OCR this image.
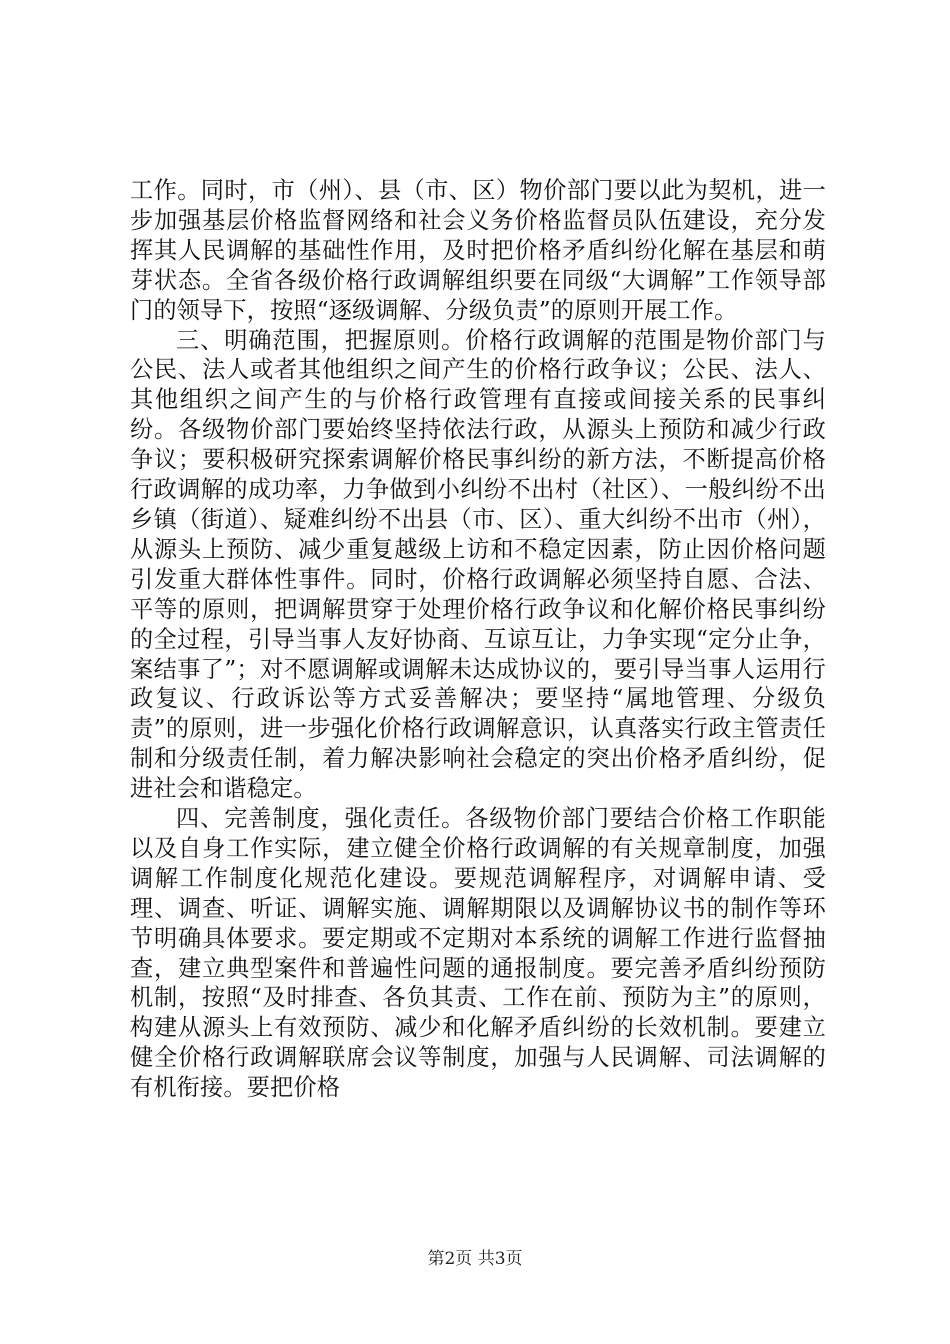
工作。同时，市（州）、县（市、区）物价部门要以此为契机，进一步加强基层价格监督网络和社会义务价格监督员队伍建设，充分发挥其人民调解的基础性作用，及时把价格矛盾纠纷化解在基层和萌芽状态。全省各级价格行政调解组织要在同级“大调解”工作领导部门的领导下，按照“逐级调解、分级负责”的原则开展工作。

三、明确范围，把握原则。价格行政调解的范围是物价部门与公民、法人或者其他组织之间产生的价格行政争议；公民、法人、其他组织之间产生的与价格行政管理有直接或间接关系的民事纠纷。各级物价部门要始终坚持依法行政，从源头上预防和减少行政争议；要积极研究探索调解价格民事纠纷的新方法，不断提高价格行政调解的成功率，力争做到小纠纷不出村（社区）、一般纠纷不出乡镇（街道）、疑难纠纷不出县（市、区）、重大纠纷不出市（州），从源头上预防、减少重复越级上访和不稳定因素，防止因价格问题引发重大群体性事件。同时，价格行政调解必须坚持自愿、合法、平等的原则，把调解贯穿于处理价格行政争议和化解价格民事纠纷的全过程，引导当事人友好协商、互谅互让，力争实现“定分止争，案结事了”；对不愿调解或调解未达成协议的，要引导当事人运用行政复议、行政诉讼等方式妥善解决；要坚持“属地管理、分级负责”的原则，进一步强化价格行政调解意识，认真落实行政主管责任制和分级责任制，着力解决影响社会稳定的突出价格矛盾纠纷，促进社会和谐稳定。

四、完善制度，强化责任。各级物价部门要结合价格工作职能以及自身工作实际，建立健全价格行政调解的有关规章制度，加强调解工作制度化规范化建设。要规范调解程序，对调解申请、受理、调查、听证、调解实施、调解期限以及调解协议书的制作等环节明确具体要求。要定期或不定期对本系统的调解工作进行监督抽查，建立典型案件和普遍性问题的通报制度。要完善矛盾纠纷预防机制，按照“及时排查、各负其责、工作在前、预防为主”的原则，构建从源头上有效预防、减少和化解矛盾纠纷的长效机制。要建立健全价格行政调解联席会议等制度，加强与人民调解、司法调解的有机衔接。要把价格

第2页 共3页
